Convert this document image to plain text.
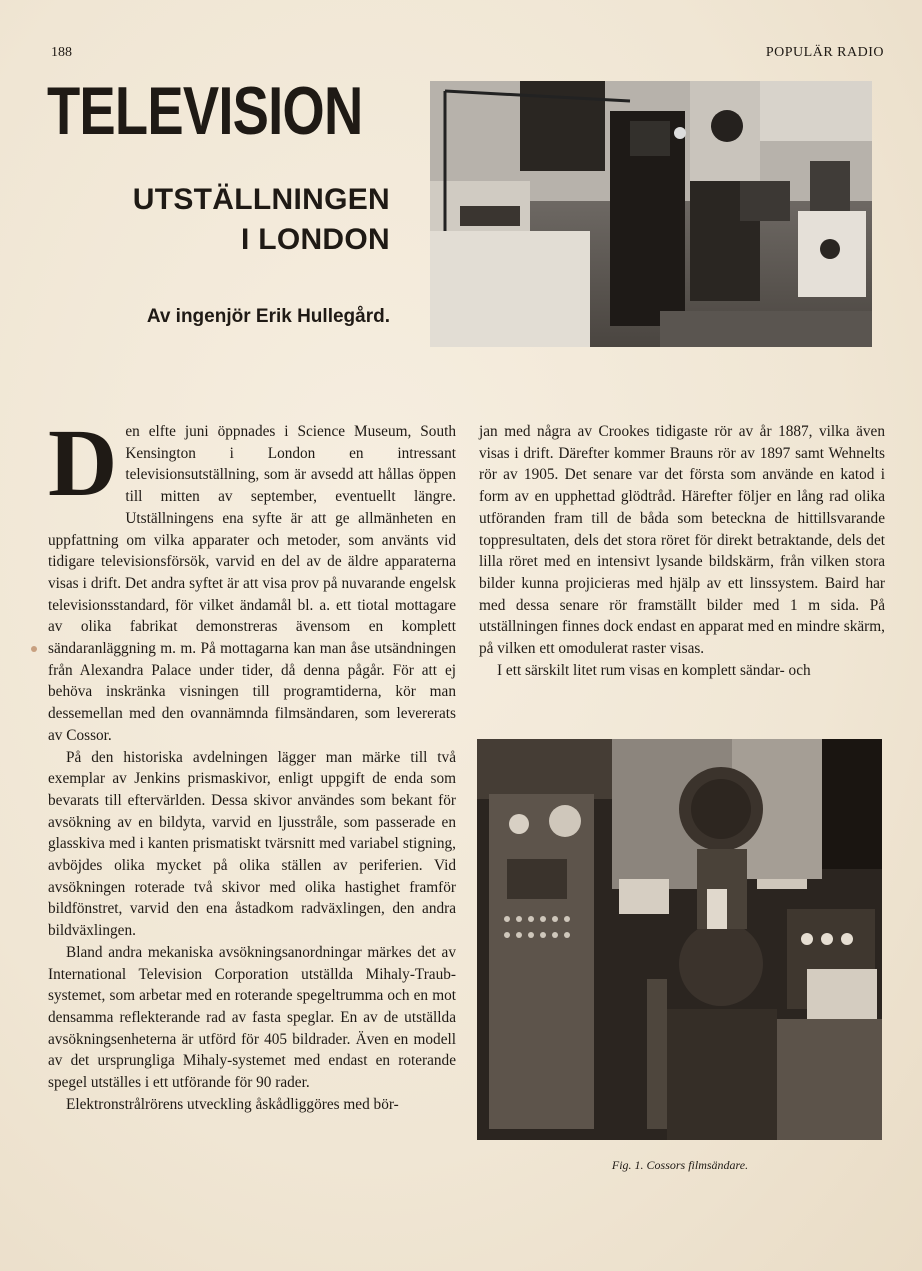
188	POPULÄR RADIO
TELEVISION
UTSTÄLLNINGEN
I LONDON
Av ingenjör Erik Hullegård.

Den elfte juni öppnades i Science Museum, South Kensington i London en intressant televisionsutställning, som är avsedd att hållas öppen till mitten av september, eventuellt längre. Utställningens ena syfte är att ge allmänheten en uppfattning om vilka apparater och metoder, som använts vid tidigare televisionsförsök, varvid en del av de äldre apparaterna visas i drift. Det andra syftet är att visa prov på nuvarande engelsk televisionsstandard, för vilket ändamål bl. a. ett tiotal mottagare av olika fabrikat demonstreras ävensom en komplett sändaranläggning m. m. På mottagarna kan man åse utsändningen från Alexandra Palace under tider, då denna pågår. För att ej behöva inskränka visningen till programtiderna, kör man dessemellan med den ovannämnda filmsändaren, som levererats av Cossor.

På den historiska avdelningen lägger man märke till två exemplar av Jenkins prismaskivor, enligt uppgift de enda som bevarats till eftervärlden. Dessa skivor användes som bekant för avsökning av en bildyta, varvid en ljusstråle, som passerade en glasskiva med i kanten prismatiskt tvärsnitt med variabel stigning, avböjdes olika mycket på olika ställen av periferien. Vid avsökningen roterade två skivor med olika hastighet framför bildfönstret, varvid den ena åstadkom radväxlingen, den andra bildväxlingen.

Bland andra mekaniska avsökningsanordningar märkes det av International Television Corporation utställda Mihaly-Traub-systemet, som arbetar med en roterande spegeltrumma och en mot densamma reflekterande rad av fasta speglar. En av de utställda avsökningsenheterna är utförd för 405 bildrader. Även en modell av det ursprungliga Mihaly-systemet med endast en roterande spegel utställes i ett utförande för 90 rader.

Elektronstrålrörens utveckling åskådliggöres med bör-

jan med några av Crookes tidigaste rör av år 1887, vilka även visas i drift. Därefter kommer Brauns rör av 1897 samt Wehnelts rör av 1905. Det senare var det första som använde en katod i form av en upphettad glödtråd. Härefter följer en lång rad olika utföranden fram till de båda som beteckna de hittillsvarande toppresultaten, dels det stora röret för direkt betraktande, dels det lilla röret med en intensivt lysande bildskärm, från vilken stora bilder kunna projicieras med hjälp av ett linssystem. Baird har med dessa senare rör framställt bilder med 1 m sida. På utställningen finnes dock endast en apparat med en mindre skärm, på vilken ett omodulerat raster visas.

I ett särskilt litet rum visas en komplett sändar- och

Fig. 1. Cossors filmsändare.
